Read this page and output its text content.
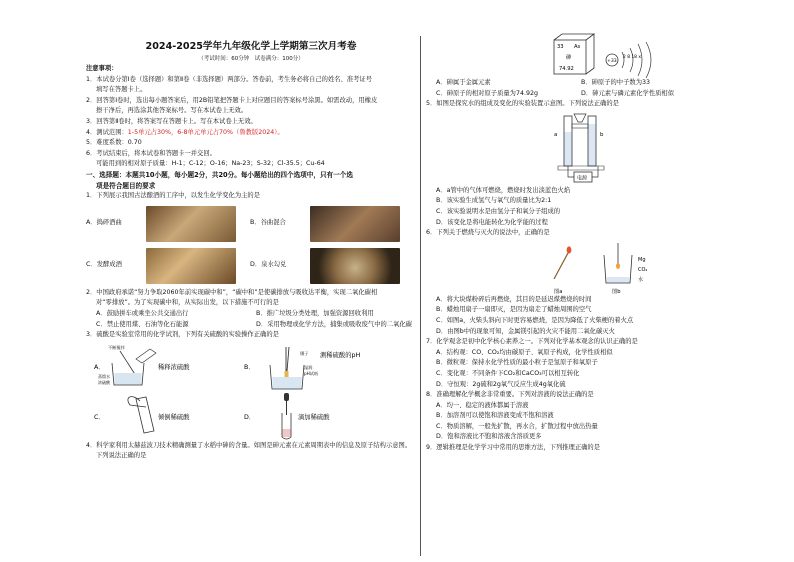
2024-2025学年九年级化学上学期第三次月考卷
（考试时间：60分钟　试卷满分：100分）
注意事项：
1．本试卷分第Ⅰ卷（选择题）和第Ⅱ卷（非选择题）两部分。答卷前，考生务必将自己的姓名、准考证号
填写在答题卡上。
2．回答第Ⅰ卷时，选出每小题答案后，用2B铅笔把答题卡上对应题目的答案标号涂黑。如需改动，用橡皮
擦干净后，再选涂其他答案标号。写在本试卷上无效。
3．回答第Ⅱ卷时，将答案写在答题卡上。写在本试卷上无效。
4．测试范围：1-5单元占30%，6-8单元单元占70%（鲁教版2024）。
5．难度系数：0.70
6．考试结束后，将本试卷和答题卡一并交回。
可能用到的相对原子质量：H-1；C-12；O-16；Na-23；S-32；Cl-35.5；Cu-64
一、选择题：本题共10小题，每小题2分，共20分。每小题给出的四个选项中，只有一个选
项是符合题目的要求
1．下列展示我国古法酿酒的工序中，以发生化学变化为主的是
A．捣碎酒曲	B．谷曲混合
C．发酵成酒	D．泉水勾兑
2．中国政府承诺“努力争取2060年前实现碳中和”，“碳中和”是使碳排放与吸收达平衡，实现二氧化碳相
对“零排放”。为了实现碳中和，从实际出发，以下措施不可行的是
A．鼓励拼车或乘坐公共交通出行	B．推广垃圾分类处理，加强资源回收利用
C．禁止使用煤、石油等化石能源	D．采用物理或化学方法，捕集或吸收废气中的二氧化碳
3．硫酸是实验室常用的化学试剂，下列有关硫酸的实验操作正确的是
A．
不断搅拌
蒸馏水
浓硫酸
稀释浓硫酸	B．
镊子
湿润
pH试纸
测稀硫酸的pH
C．	倾倒稀硫酸	D．	滴加稀硫酸
4．科学家利用太赫兹波刀技术精确测量了水稻中砷的含量。如图是砷元素在元素周期表中的信息及原子结构示意图。
下列说法正确的是
33 As
砷
74.92
+33
2 8 18 x
A．砷属于金属元素	B．砷原子的中子数为33
C．砷原子的相对原子质量为74.92g	D．砷元素与磷元素化学性质相似
5．如图是探究水的组成及变化的实验装置示意图。下列说法正确的是
a	b
电源
A．a管中的气体可燃烧，燃烧时发出淡蓝色火焰
B．该实验生成氢气与氧气的质量比为2:1
C．该实验说明水是由氢分子和氧分子组成的
D．该变化是将电能转化为化学能的过程
6．下列关于燃烧与灭火的说法中，正确的是
图a
Mg
CO₂
水
图b
A．将大块煤粉碎后再燃烧，其目的是延迟煤燃烧的时间
B．蜡烛用扇子一扇即灭，是因为扇走了蜡烛周围的空气
C．如图a，火柴头斜向下时更容易燃烧，是因为降低了火柴梗的着火点
D．由图b中的现象可知，金属镁引起的火灾不能用二氧化碳灭火
7．化学观念是初中化学核心素养之一。下列对化学基本观念的认识正确的是
A．结构观：CO、CO₂均由碳原子、氧原子构成，化学性质相似
B．微粒观：保持水化学性质的最小粒子是氢原子和氧原子
C．变化观：不同条件下CO₂和CaCO₃可以相互转化
D．守恒观：2g硫和2g氧气反应生成4g氧化硫
8．准确理解化学概念非常重要。下列对溶液的说法正确的是
A．均一、稳定的液体都属于溶液
B．加溶剂可以使饱和溶液变成不饱和溶液
C．物质溶解，一般先扩散，再水合，扩散过程中放出热量
D．饱和溶液比不饱和溶液含溶质更多
9．逻辑推理是化学学习中常用的思维方法，下列推理正确的是
